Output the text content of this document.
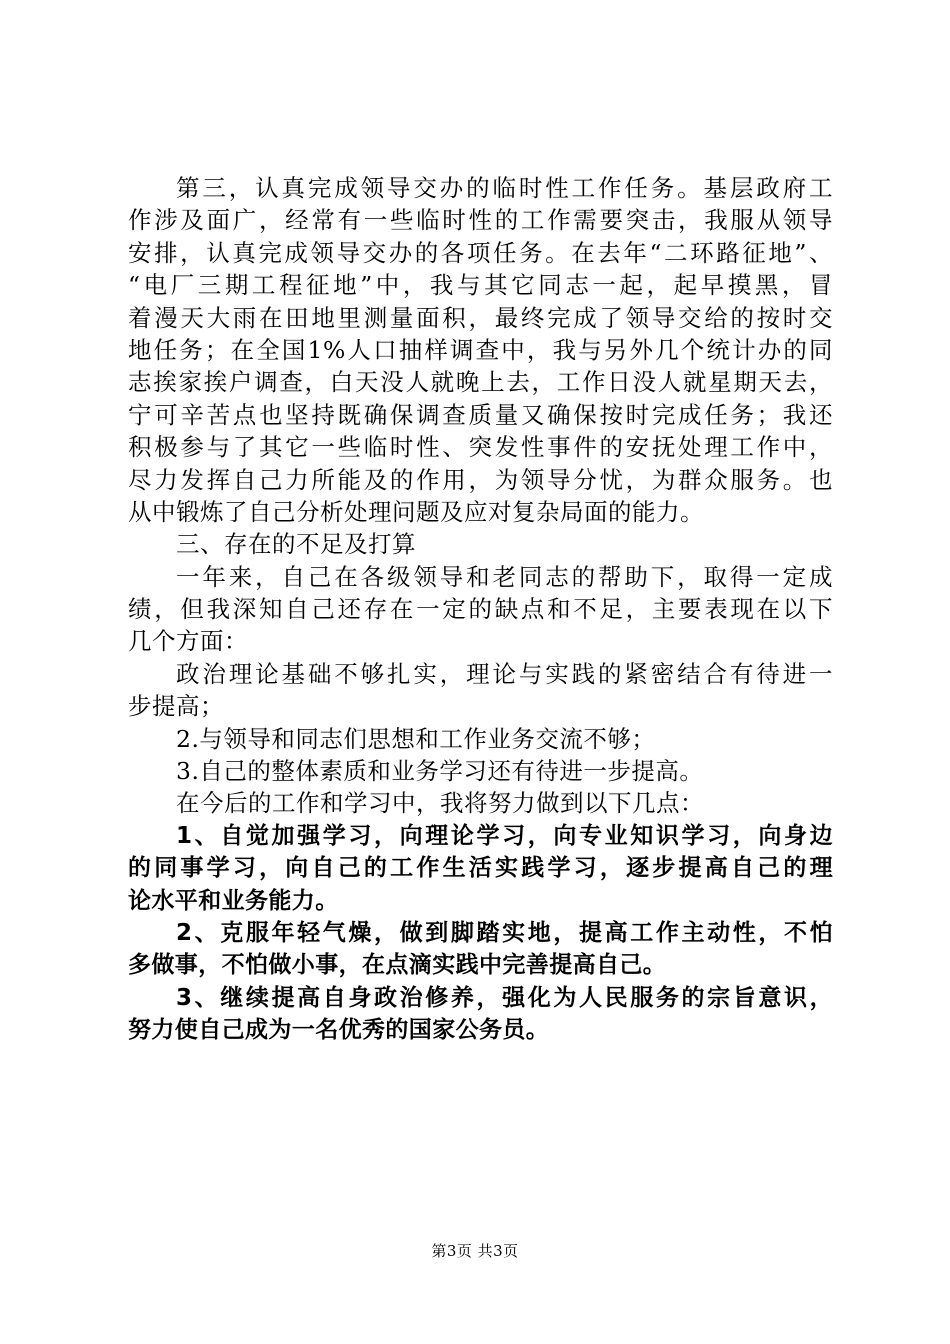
第三，认真完成领导交办的临时性工作任务。基层政府工
作涉及面广，经常有一些临时性的工作需要突击，我服从领导
安排，认真完成领导交办的各项任务。在去年“二环路征地”、
“电厂三期工程征地”中，我与其它同志一起，起早摸黑，冒
着漫天大雨在田地里测量面积，最终完成了领导交给的按时交
地任务；在全国1%人口抽样调查中，我与另外几个统计办的同
志挨家挨户调查，白天没人就晚上去，工作日没人就星期天去，
宁可辛苦点也坚持既确保调查质量又确保按时完成任务；我还
积极参与了其它一些临时性、突发性事件的安抚处理工作中，
尽力发挥自己力所能及的作用，为领导分忧，为群众服务。也
从中锻炼了自己分析处理问题及应对复杂局面的能力。
三、存在的不足及打算
一年来，自己在各级领导和老同志的帮助下，取得一定成
绩，但我深知自己还存在一定的缺点和不足，主要表现在以下
几个方面：
政治理论基础不够扎实，理论与实践的紧密结合有待进一
步提高；
2.与领导和同志们思想和工作业务交流不够；
3.自己的整体素质和业务学习还有待进一步提高。
在今后的工作和学习中，我将努力做到以下几点：
1、自觉加强学习，向理论学习，向专业知识学习，向身边
的同事学习，向自己的工作生活实践学习，逐步提高自己的理
论水平和业务能力。
2、克服年轻气燥，做到脚踏实地，提高工作主动性，不怕
多做事，不怕做小事，在点滴实践中完善提高自己。
3、继续提高自身政治修养，强化为人民服务的宗旨意识，
努力使自己成为一名优秀的国家公务员。
第3页 共3页
